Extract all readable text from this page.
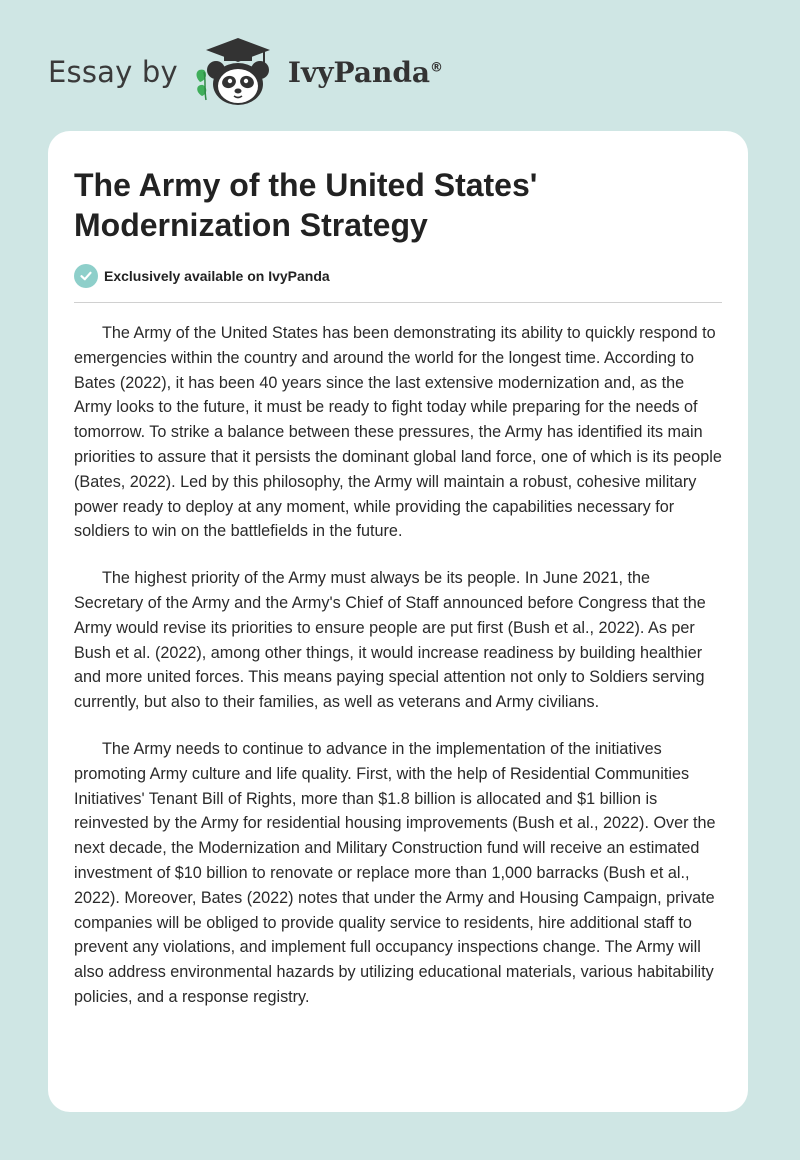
Essay by	IvyPanda®
The Army of the United States' Modernization Strategy
Exclusively available on IvyPanda

The Army of the United States has been demonstrating its ability to quickly respond to emergencies within the country and around the world for the longest time. According to Bates (2022), it has been 40 years since the last extensive modernization and, as the Army looks to the future, it must be ready to fight today while preparing for the needs of tomorrow. To strike a balance between these pressures, the Army has identified its main priorities to assure that it persists the dominant global land force, one of which is its people (Bates, 2022). Led by this philosophy, the Army will maintain a robust, cohesive military power ready to deploy at any moment, while providing the capabilities necessary for soldiers to win on the battlefields in the future.

The highest priority of the Army must always be its people. In June 2021, the Secretary of the Army and the Army's Chief of Staff announced before Congress that the Army would revise its priorities to ensure people are put first (Bush et al., 2022). As per Bush et al. (2022), among other things, it would increase readiness by building healthier and more united forces. This means paying special attention not only to Soldiers serving currently, but also to their families, as well as veterans and Army civilians.

The Army needs to continue to advance in the implementation of the initiatives promoting Army culture and life quality. First, with the help of Residential Communities Initiatives' Tenant Bill of Rights, more than $1.8 billion is allocated and $1 billion is reinvested by the Army for residential housing improvements (Bush et al., 2022). Over the next decade, the Modernization and Military Construction fund will receive an estimated investment of $10 billion to renovate or replace more than 1,000 barracks (Bush et al., 2022). Moreover, Bates (2022) notes that under the Army and Housing Campaign, private companies will be obliged to provide quality service to residents, hire additional staff to prevent any violations, and implement full occupancy inspections change. The Army will also address environmental hazards by utilizing educational materials, various habitability policies, and a response registry.
